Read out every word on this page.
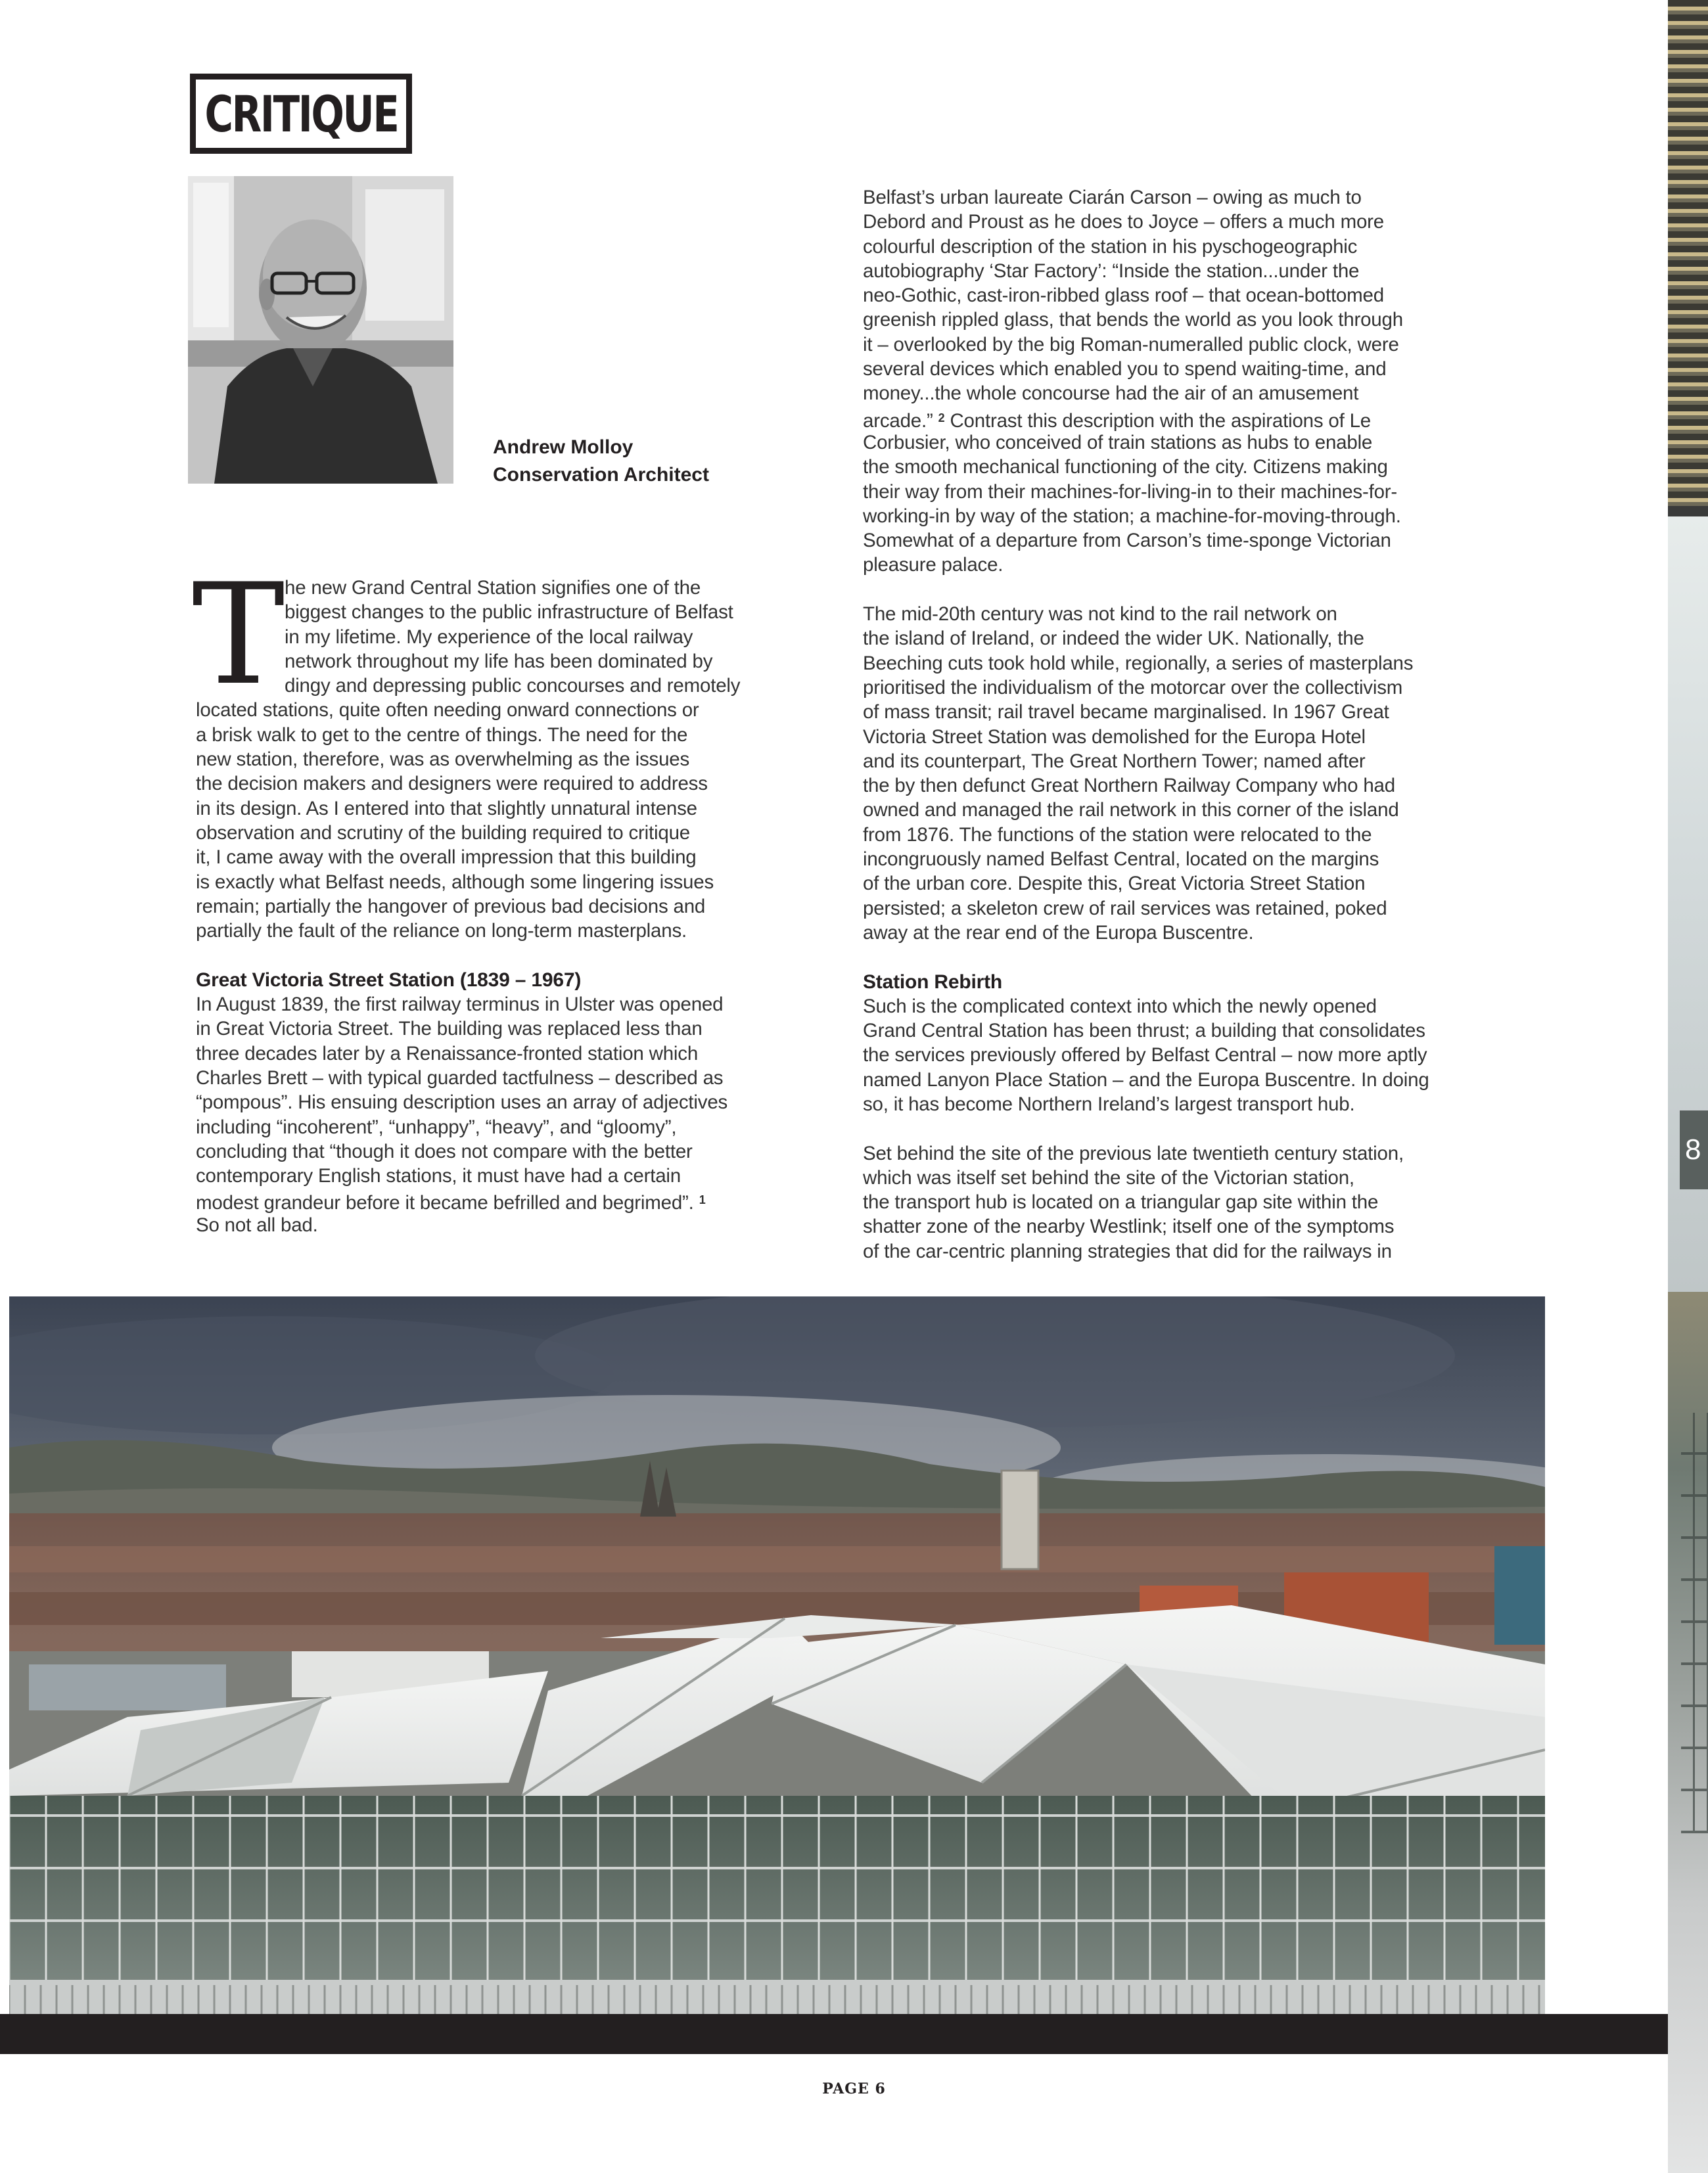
8
CRITIQUE
Andrew Molloy
Conservation Architect
T he new Grand Central Station signifies one of the
biggest changes to the public infrastructure of Belfast
in my lifetime. My experience of the local railway
network throughout my life has been dominated by
dingy and depressing public concourses and remotely
located stations, quite often needing onward connections or
a brisk walk to get to the centre of things. The need for the
new station, therefore, was as overwhelming as the issues
the decision makers and designers were required to address
in its design. As I entered into that slightly unnatural intense
observation and scrutiny of the building required to critique
it, I came away with the overall impression that this building
is exactly what Belfast needs, although some lingering issues
remain; partially the hangover of previous bad decisions and
partially the fault of the reliance on long-term masterplans.
Great Victoria Street Station (1839 – 1967)
In August 1839, the first railway terminus in Ulster was opened
in Great Victoria Street. The building was replaced less than
three decades later by a Renaissance-fronted station which
Charles Brett – with typical guarded tactfulness – described as
“pompous”. His ensuing description uses an array of adjectives
including “incoherent”, “unhappy”, “heavy”, and “gloomy”,
concluding that “though it does not compare with the better
contemporary English stations, it must have had a certain
modest grandeur before it became befrilled and begrimed”. $^1$
So not all bad.
Belfast’s urban laureate Ciarán Carson – owing as much to
Debord and Proust as he does to Joyce – offers a much more
colourful description of the station in his pyschogeographic
autobiography ‘Star Factory’: “Inside the station...under the
neo-Gothic, cast-iron-ribbed glass roof – that ocean-bottomed
greenish rippled glass, that bends the world as you look through
it – overlooked by the big Roman-numeralled public clock, were
several devices which enabled you to spend waiting-time, and
money...the whole concourse had the air of an amusement
arcade.” $^2$ Contrast this description with the aspirations of Le
Corbusier, who conceived of train stations as hubs to enable
the smooth mechanical functioning of the city. Citizens making
their way from their machines-for-living-in to their machines-for-
working-in by way of the station; a machine-for-moving-through.
Somewhat of a departure from Carson’s time-sponge Victorian
pleasure palace.
The mid-20th century was not kind to the rail network on
the island of Ireland, or indeed the wider UK. Nationally, the
Beeching cuts took hold while, regionally, a series of masterplans
prioritised the individualism of the motorcar over the collectivism
of mass transit; rail travel became marginalised. In 1967 Great
Victoria Street Station was demolished for the Europa Hotel
and its counterpart, The Great Northern Tower; named after
the by then defunct Great Northern Railway Company who had
owned and managed the rail network in this corner of the island
from 1876. The functions of the station were relocated to the
incongruously named Belfast Central, located on the margins
of the urban core. Despite this, Great Victoria Street Station
persisted; a skeleton crew of rail services was retained, poked
away at the rear end of the Europa Buscentre.
Station Rebirth
Such is the complicated context into which the newly opened
Grand Central Station has been thrust; a building that consolidates
the services previously offered by Belfast Central – now more aptly
named Lanyon Place Station – and the Europa Buscentre. In doing
so, it has become Northern Ireland’s largest transport hub.
Set behind the site of the previous late twentieth century station,
which was itself set behind the site of the Victorian station,
the transport hub is located on a triangular gap site within the
shatter zone of the nearby Westlink; itself one of the symptoms
of the car-centric planning strategies that did for the railways in
PAGE 6
